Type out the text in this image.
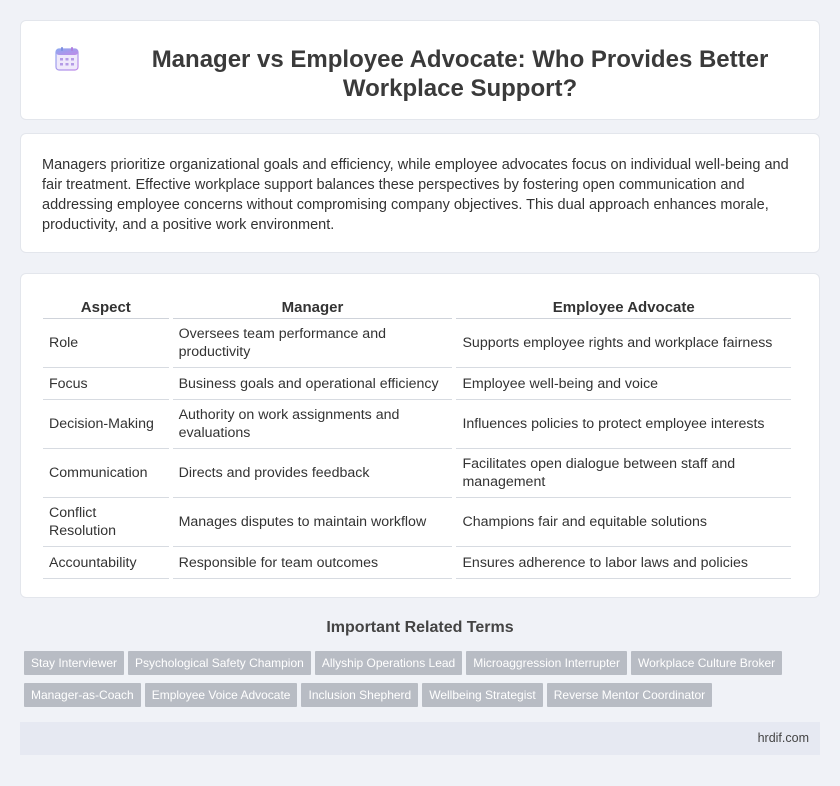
Manager vs Employee Advocate: Who Provides Better Workplace Support?

Managers prioritize organizational goals and efficiency, while employee advocates focus on individual well-being and fair treatment. Effective workplace support balances these perspectives by fostering open communication and addressing employee concerns without compromising company objectives. This dual approach enhances morale, productivity, and a positive work environment.

Aspect	Manager	Employee Advocate
Role	Oversees team performance and productivity	Supports employee rights and workplace fairness
Focus	Business goals and operational efficiency	Employee well-being and voice
Decision-Making	Authority on work assignments and evaluations	Influences policies to protect employee interests
Communication	Directs and provides feedback	Facilitates open dialogue between staff and management
Conflict Resolution	Manages disputes to maintain workflow	Champions fair and equitable solutions
Accountability	Responsible for team outcomes	Ensures adherence to labor laws and policies
Important Related Terms
Stay Interviewer Psychological Safety Champion Allyship Operations Lead Microaggression Interrupter Workplace Culture Broker
Manager-as-Coach Employee Voice Advocate Inclusion Shepherd Wellbeing Strategist Reverse Mentor Coordinator
hrdif.com
